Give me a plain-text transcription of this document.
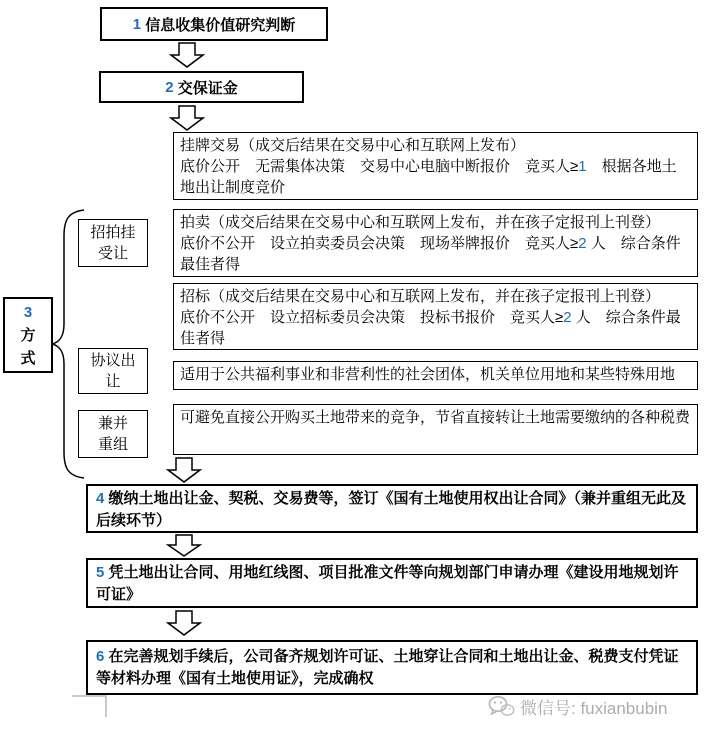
1
信息收集价值研究判断
2
交保证金
挂牌交易（成交后结果在交易中心和互联网上发布）
底价公开　无需集体决策　交易中心电脑中断报价　竞买人≥1　根据各地土地出让制度竞价
拍卖（成交后结果在交易中心和互联网上发布，并在孩子定报刊上刊登）
底价不公开　设立拍卖委员会决策　现场举牌报价　竞买人≥2 人　综合条件最佳者得
招标（成交后结果在交易中心和互联网上发布，并在孩子定报刊上刊登）
底价不公开　设立招标委员会决策　投标书报价　竞买人≥2 人　综合条件最佳者得
适用于公共福利事业和非营利性的社会团体，机关单位用地和某些特殊用地
可避免直接公开购买土地带来的竞争，节省直接转让土地需要缴纳的各种税费
3
方
式
招拍挂
受让
协议出
让
兼并
重组
4 缴纳土地出让金、契税、交易费等，签订《国有土地使用权出让合同》（兼并重组无此及后续环节）
5 凭土地出让合同、用地红线图、项目批准文件等向规划部门申请办理《建设用地规划许可证》
6 在完善规划手续后，公司备齐规划许可证、土地穿让合同和土地出让金、税费支付凭证等材料办理《国有土地使用证》，完成确权
微信号: fuxianbubin
